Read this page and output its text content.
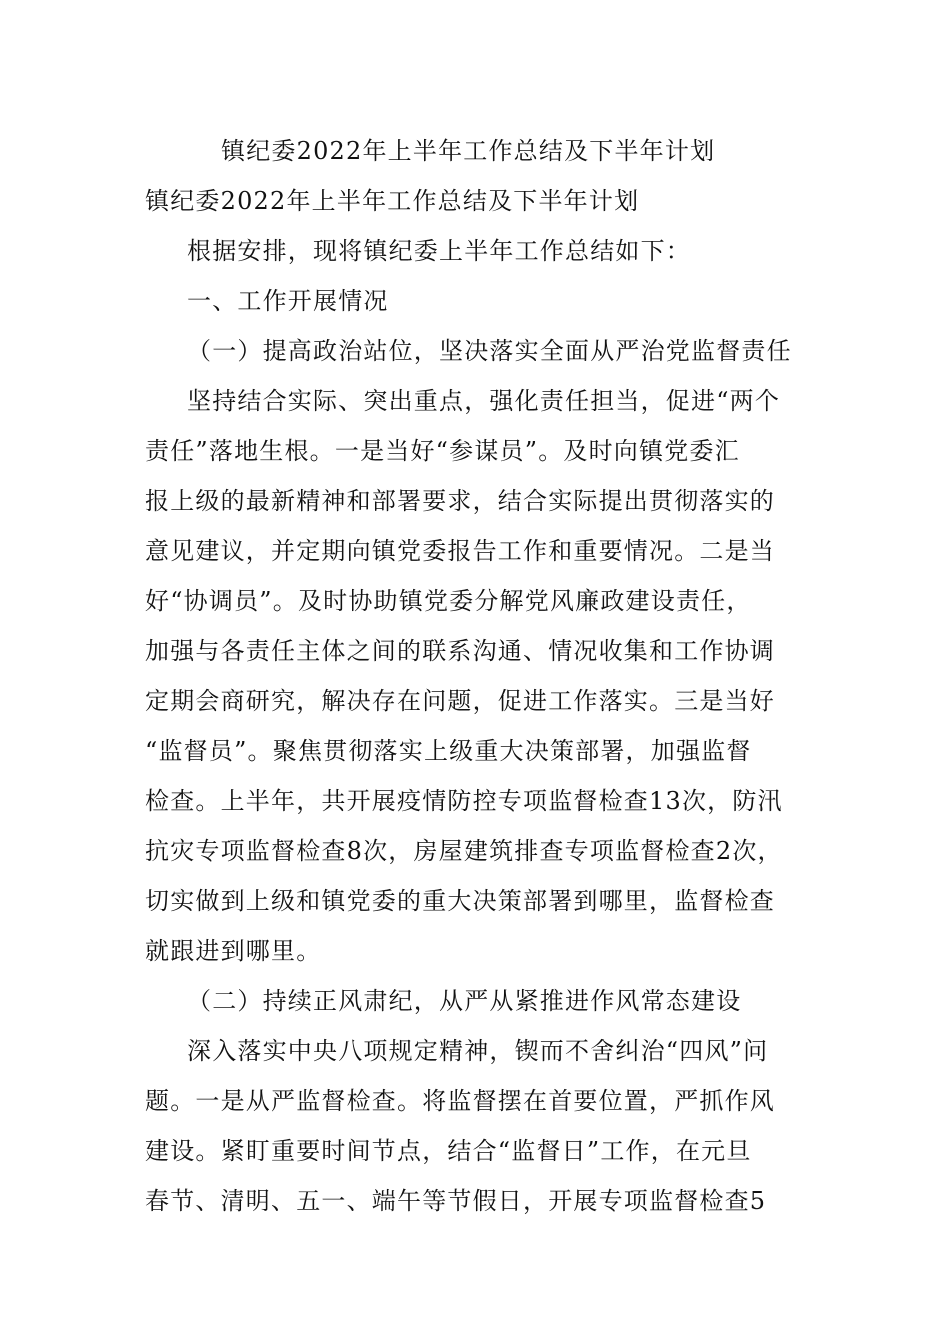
镇纪委2022年上半年工作总结及下半年计划
镇纪委2022年上半年工作总结及下半年计划
根据安排，现将镇纪委上半年工作总结如下：
一、工作开展情况
（一）提高政治站位，坚决落实全面从严治党监督责任
坚持结合实际、突出重点，强化责任担当，促进“两个
责任”落地生根。一是当好“参谋员”。及时向镇党委汇
报上级的最新精神和部署要求，结合实际提出贯彻落实的
意见建议，并定期向镇党委报告工作和重要情况。二是当
好“协调员”。及时协助镇党委分解党风廉政建设责任，
加强与各责任主体之间的联系沟通、情况收集和工作协调
定期会商研究，解决存在问题，促进工作落实。三是当好
“监督员”。聚焦贯彻落实上级重大决策部署，加强监督
检查。上半年，共开展疫情防控专项监督检查13次，防汛
抗灾专项监督检查8次，房屋建筑排查专项监督检查2次，
切实做到上级和镇党委的重大决策部署到哪里，监督检查
就跟进到哪里。
（二）持续正风肃纪，从严从紧推进作风常态建设
深入落实中央八项规定精神，锲而不舍纠治“四风”问
题。一是从严监督检查。将监督摆在首要位置，严抓作风
建设。紧盯重要时间节点，结合“监督日”工作，在元旦
春节、清明、五一、端午等节假日，开展专项监督检查5
